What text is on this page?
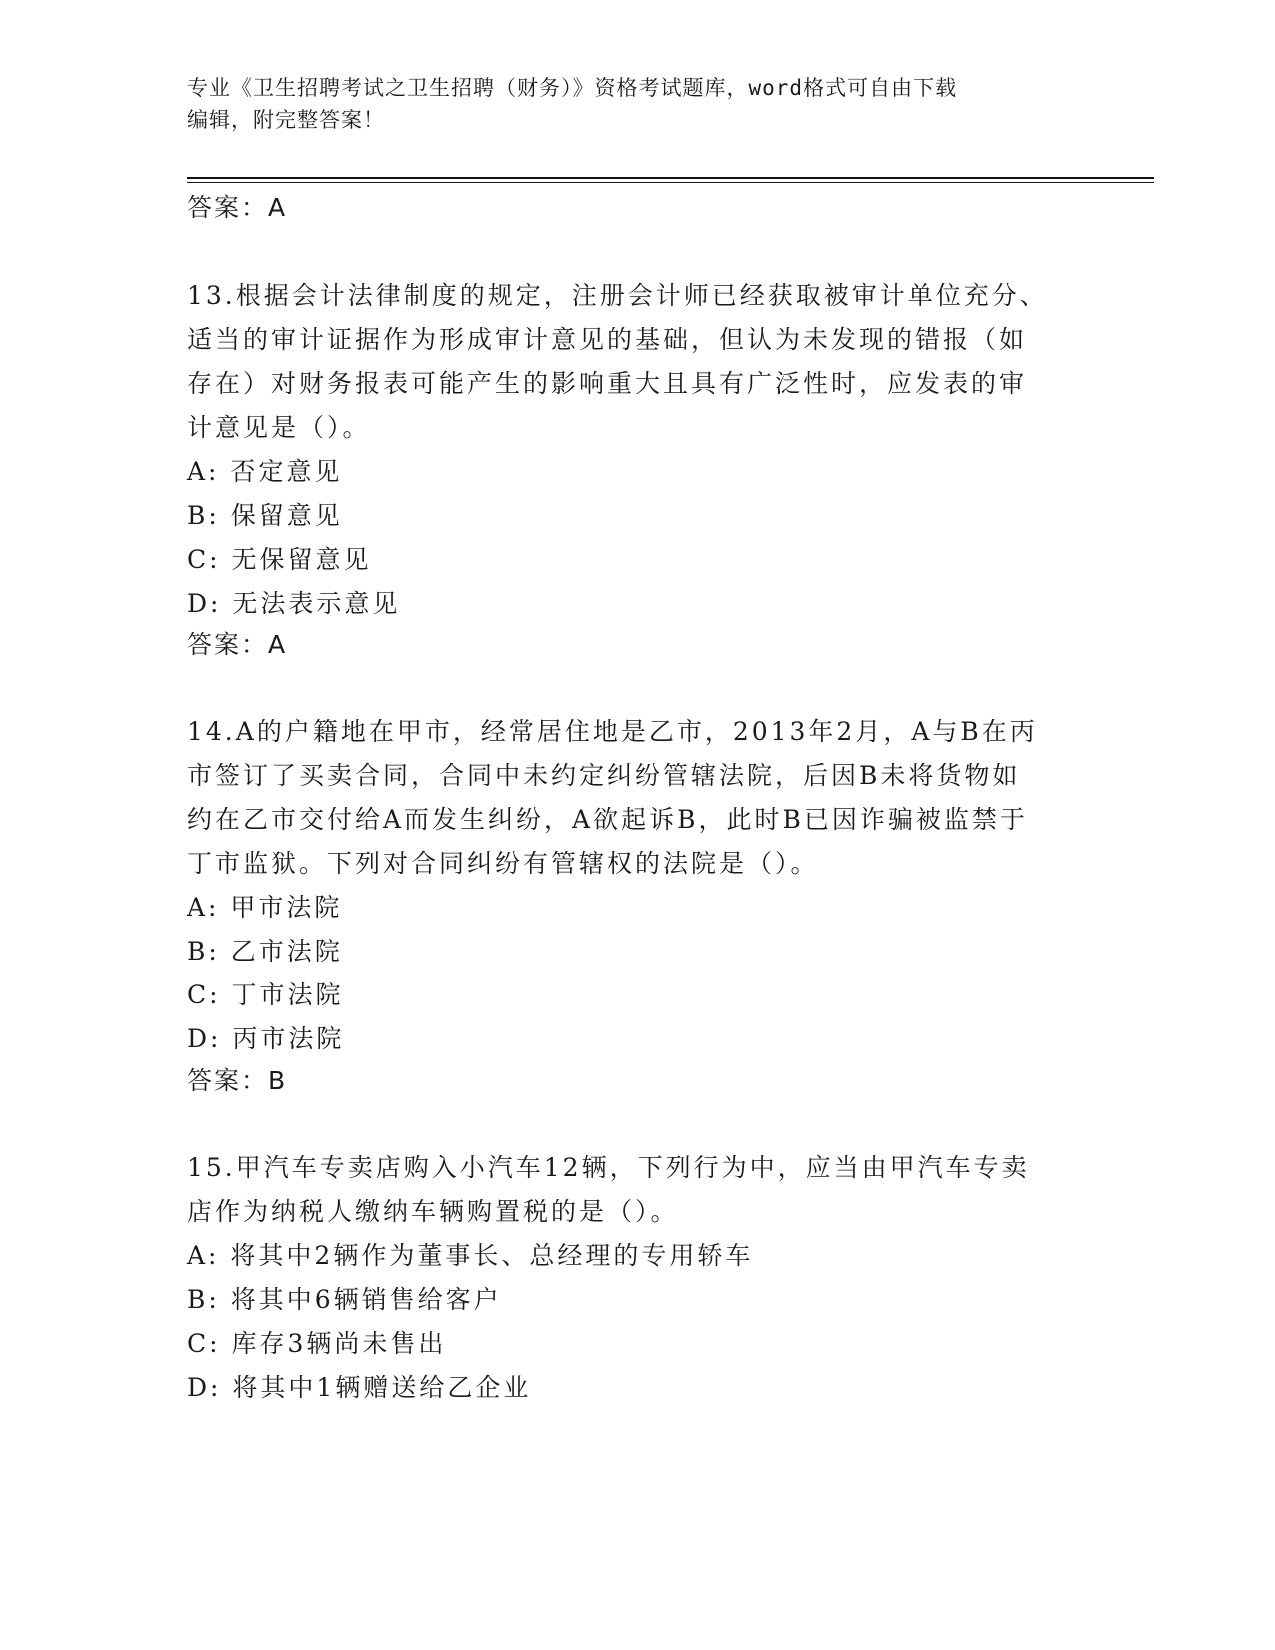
专业《卫生招聘考试之卫生招聘（财务）》资格考试题库，word格式可自由下载
编辑，附完整答案！
答案：A
13.根据会计法律制度的规定，注册会计师已经获取被审计单位充分、
适当的审计证据作为形成审计意见的基础，但认为未发现的错报（如
存在）对财务报表可能产生的影响重大且具有广泛性时，应发表的审
计意见是（）。
A: 否定意见
B: 保留意见
C: 无保留意见
D: 无法表示意见
答案：A
14.A的户籍地在甲市，经常居住地是乙市，2013年2月，A与B在丙
市签订了买卖合同，合同中未约定纠纷管辖法院，后因B未将货物如
约在乙市交付给A而发生纠纷，A欲起诉B，此时B已因诈骗被监禁于
丁市监狱。下列对合同纠纷有管辖权的法院是（）。
A: 甲市法院
B: 乙市法院
C: 丁市法院
D: 丙市法院
答案：B
15.甲汽车专卖店购入小汽车12辆，下列行为中，应当由甲汽车专卖
店作为纳税人缴纳车辆购置税的是（）。
A: 将其中2辆作为董事长、总经理的专用轿车
B: 将其中6辆销售给客户
C: 库存3辆尚未售出
D: 将其中1辆赠送给乙企业
